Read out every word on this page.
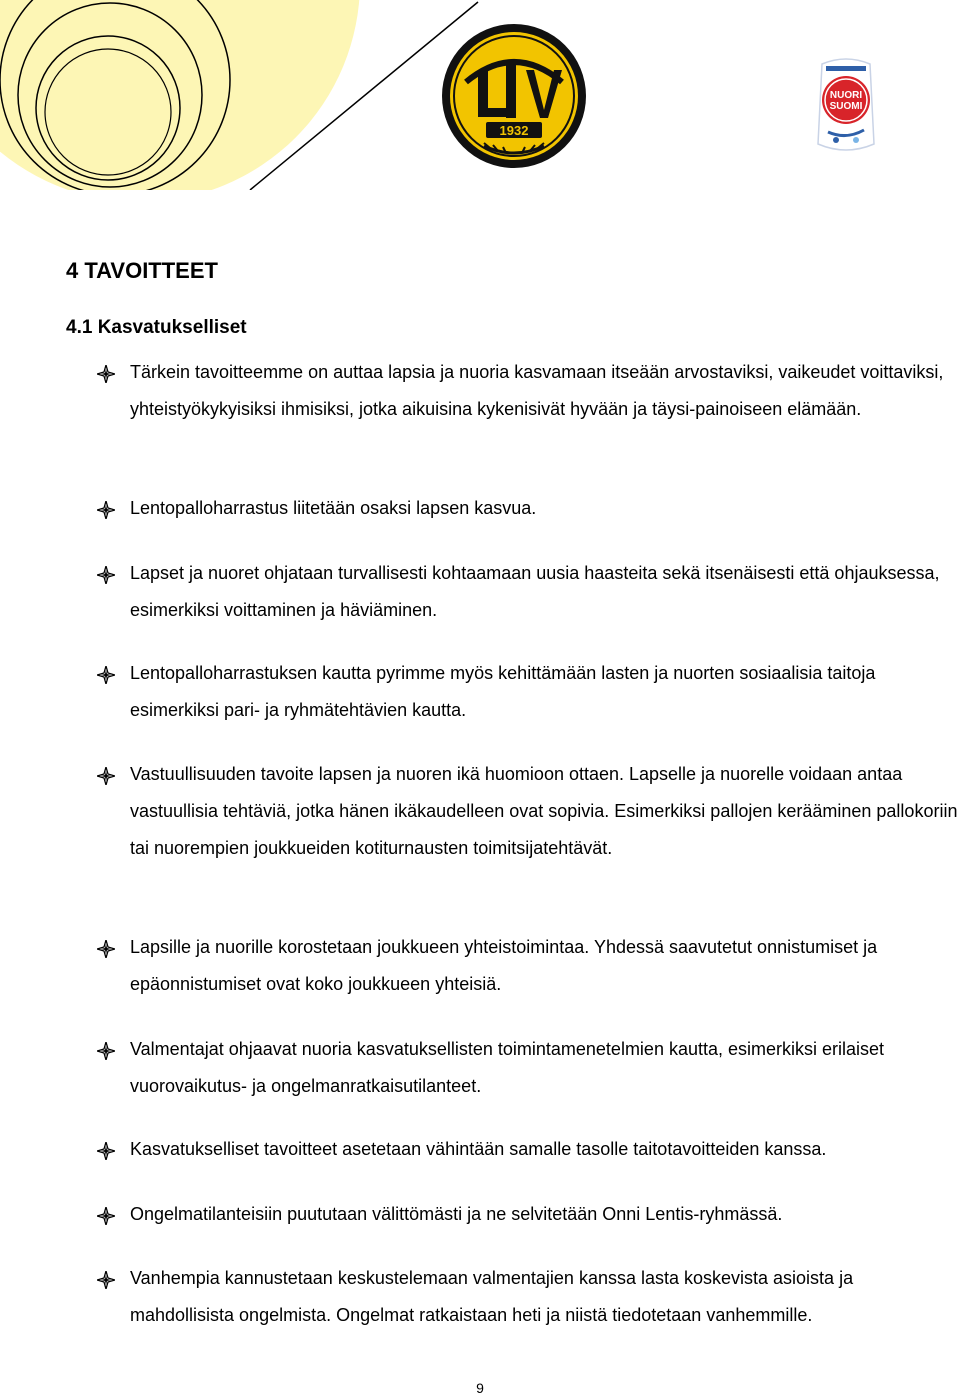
1932
NUORI
SUOMI
4 TAVOITTEET
4.1 Kasvatukselliset
Tärkein tavoitteemme on auttaa lapsia ja nuoria kasvamaan itseään arvostaviksi, vaikeudet voittaviksi, yhteistyökykyisiksi ihmisiksi, jotka aikuisina kykenisivät hyvään ja täysi-painoiseen elämään.
Lentopalloharrastus liitetään osaksi lapsen kasvua.
Lapset ja nuoret ohjataan turvallisesti kohtaamaan uusia haasteita sekä itsenäisesti että ohjauksessa, esimerkiksi voittaminen ja häviäminen.
Lentopalloharrastuksen kautta pyrimme myös kehittämään lasten ja nuorten sosiaalisia taitoja esimerkiksi pari- ja ryhmätehtävien kautta.
Vastuullisuuden tavoite lapsen ja nuoren ikä huomioon ottaen. Lapselle ja nuorelle voidaan antaa vastuullisia tehtäviä, jotka hänen ikäkaudelleen ovat sopivia. Esimerkiksi pallojen kerääminen pallokoriin tai nuorempien joukkueiden kotiturnausten toimitsijatehtävät.
Lapsille ja nuorille korostetaan joukkueen yhteistoimintaa. Yhdessä saavutetut onnistumiset ja epäonnistumiset ovat koko joukkueen yhteisiä.
Valmentajat ohjaavat nuoria kasvatuksellisten toimintamenetelmien kautta, esimerkiksi erilaiset vuorovaikutus- ja ongelmanratkaisutilanteet.
Kasvatukselliset tavoitteet asetetaan vähintään samalle tasolle taitotavoitteiden kanssa.
Ongelmatilanteisiin puututaan välittömästi ja ne selvitetään Onni Lentis-ryhmässä.
Vanhempia kannustetaan keskustelemaan valmentajien kanssa lasta koskevista asioista ja mahdollisista ongelmista. Ongelmat ratkaistaan heti ja niistä tiedotetaan vanhemmille.

9
